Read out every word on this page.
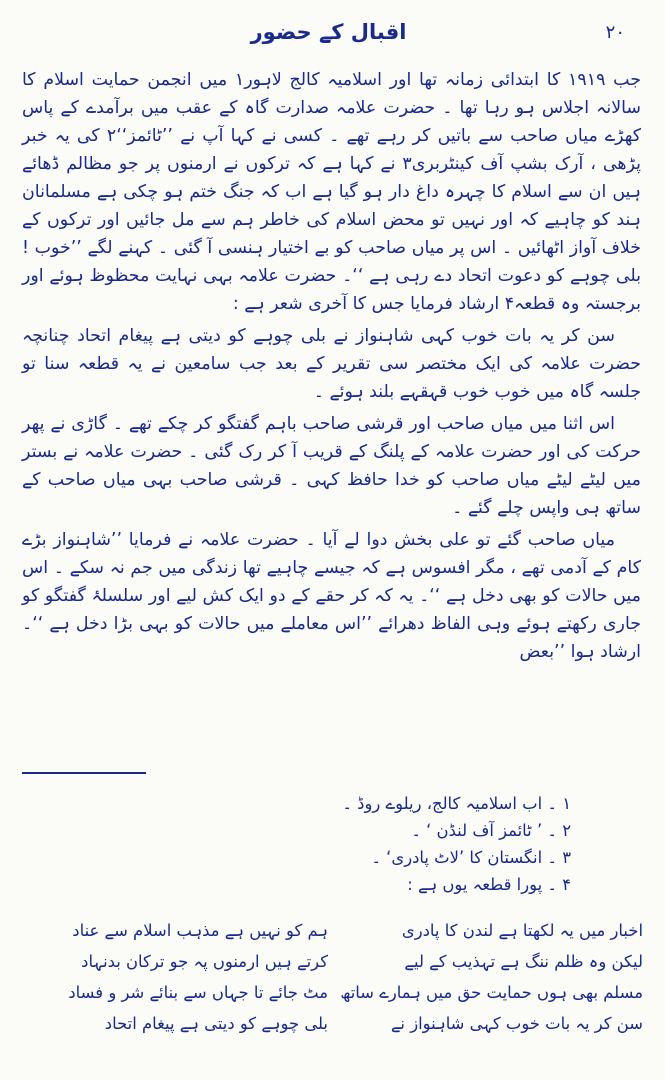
۲۰
اقبال کے حضور

جب ۱۹۱۹ کا ابتدائی زمانہ تھا اور اسلامیہ کالج لاہور۱ میں انجمن حمایت اسلام کا سالانہ اجلاس ہو رہا تھا ۔ حضرت علامہ صدارت گاہ کے عقب میں برآمدے کے پاس کھڑے میاں صاحب سے باتیں کر رہے تھے ۔ کسی نے کہا آپ نے ’’ٹائمز‘‘۲ کی یہ خبر پڑھی ، آرک بشپ آف کینٹربری۳ نے کہا ہے کہ ترکوں نے ارمنوں پر جو مظالم ڈھائے ہیں ان سے اسلام کا چہرہ داغ دار ہو گیا ہے اب کہ جنگ ختم ہو چکی ہے مسلمانان ہند کو چاہیے کہ اور نہیں تو محض اسلام کی خاطر ہم سے مل جائیں اور ترکوں کے خلاف آواز اٹھائیں ۔ اس پر میاں صاحب کو بے اختیار ہنسی آ گئی ۔ کہنے لگے ’’خوب ! بلی چوہے کو دعوت اتحاد دے رہی ہے ‘‘۔ حضرت علامہ بہی نہایت محظوظ ہوئے اور برجستہ وہ قطعہ۴ ارشاد فرمایا جس کا آخری شعر ہے :

سن کر یہ بات خوب کہی شاہنواز نے بلی چوہے کو دیتی ہے پیغام اتحاد چنانچہ حضرت علامہ کی ایک مختصر سی تقریر کے بعد جب سامعین نے یہ قطعہ سنا تو جلسہ گاہ میں خوب خوب قہقہے بلند ہوئے ۔

اس اثنا میں میاں صاحب اور قرشی صاحب باہم گفتگو کر چکے تھے ۔ گاڑی نے پھر حرکت کی اور حضرت علامہ کے پلنگ کے قریب آ کر رک گئی ۔ حضرت علامہ نے بستر میں لیٹے لیٹے میاں صاحب کو خدا حافظ کہی ۔ قرشی صاحب بہی میاں صاحب کے ساتھ ہی واپس چلے گئے ۔

میاں صاحب گئے تو علی بخش دوا لے آیا ۔ حضرت علامہ نے فرمایا ’’شاہنواز بڑے کام کے آدمی تھے ، مگر افسوس ہے کہ جیسے چاہیے تھا زندگی میں جم نہ سکے ۔ اس میں حالات کو بھی دخل ہے ‘‘۔ یہ کہ کر حقے کے دو ایک کش لیے اور سلسلۂ گفتگو کو جاری رکھتے ہوئے وہی الفاظ دھرائے ’’اس معاملے میں حالات کو بہی بڑا دخل ہے ‘‘۔ ارشاد ہوا ’’بعض

۱ ۔ اب اسلامیہ کالج، ریلوے روڈ ۔
۲ ۔ ’ ٹائمز آف لنڈن ‘ ۔
۳ ۔ انگستان کا ’لاٹ پادری‘ ۔
۴ ۔ پورا قطعہ یوں ہے :
اخبار میں یہ لکھتا ہے لندن کا پادری
لیکن وہ ظلم ننگ ہے تہذیب کے لیے
مسلم بھی ہوں حمایت حق میں ہمارے ساتھ
سن کر یہ بات خوب کہی شاہنواز نے
ہم کو نہیں ہے مذہب اسلام سے عناد
کرتے ہیں ارمنوں پہ جو ترکان بدنہاد
مٹ جائے تا جہاں سے بنائے شر و فساد
بلی چوہے کو دیتی ہے پیغام اتحاد
